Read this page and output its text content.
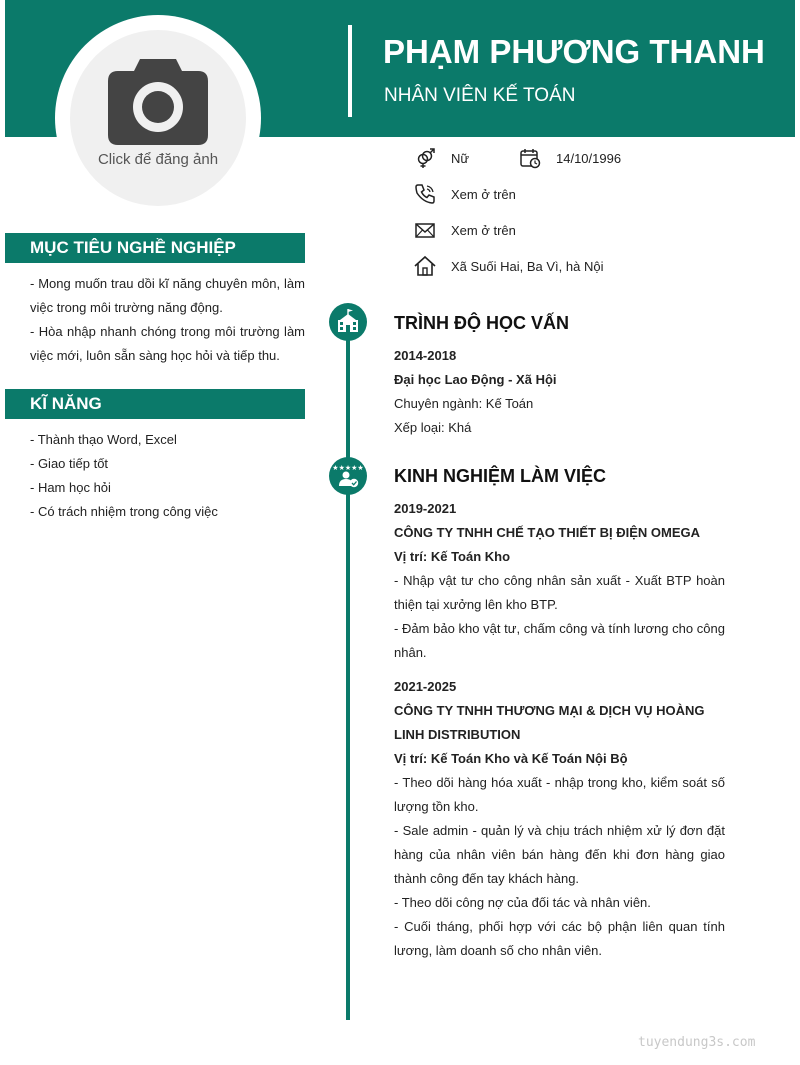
PHẠM PHƯƠNG THANH
NHÂN VIÊN KẾ TOÁN
Click để đăng ảnh	Nữ	14/10/1996
Xem ở trên
Xem ở trên
Xã Suối Hai, Ba Vì, hà Nội
MỤC TIÊU NGHỀ NGHIỆP
- Mong muốn trau dồi kĩ năng chuyên môn, làm việc trong môi trường năng động.
- Hòa nhập nhanh chóng trong môi trường làm việc mới, luôn sẵn sàng học hỏi và tiếp thu.
KĨ NĂNG
- Thành thạo Word, Excel
- Giao tiếp tốt
- Ham học hỏi
- Có trách nhiệm trong công việc
★★★★★
TRÌNH ĐỘ HỌC VẤN
2014-2018
Đại học Lao Động - Xã Hội
Chuyên ngành: Kế Toán
Xếp loại: Khá
KINH NGHIỆM LÀM VIỆC
2019-2021
CÔNG TY TNHH CHẾ TẠO THIẾT BỊ ĐIỆN OMEGA
Vị trí: Kế Toán Kho
- Nhập vật tư cho công nhân sản xuất - Xuất BTP hoàn thiện tại xưởng lên kho BTP.
- Đảm bảo kho vật tư, chấm công và tính lương cho công nhân.
2021-2025
CÔNG TY TNHH THƯƠNG MẠI & DỊCH VỤ HOÀNG LINH DISTRIBUTION
Vị trí: Kế Toán Kho và Kế Toán Nội Bộ
- Theo dõi hàng hóa xuất - nhập trong kho, kiểm soát số lượng tồn kho.
- Sale admin - quản lý và chịu trách nhiệm xử lý đơn đặt hàng của nhân viên bán hàng đến khi đơn hàng giao thành công đến tay khách hàng.
- Theo dõi công nợ của đối tác và nhân viên.
- Cuối tháng, phối hợp với các bộ phận liên quan tính lương, làm doanh số cho nhân viên.
tuyendung3s.com
